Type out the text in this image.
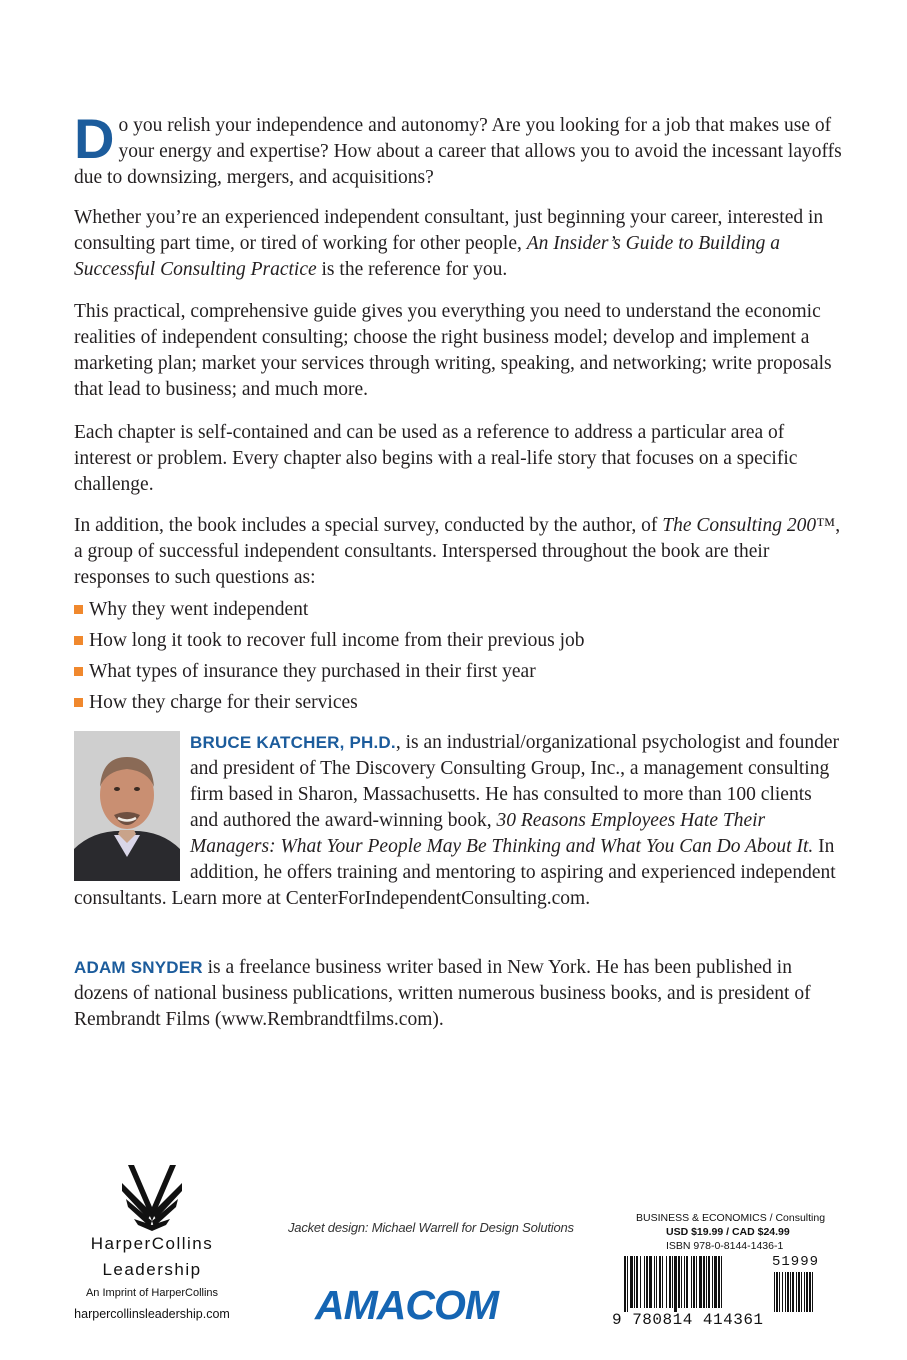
Do you relish your independence and autonomy? Are you looking for a job that makes use of your energy and expertise? How about a career that allows you to avoid the incessant layoffs due to downsizing, mergers, and acquisitions?
Whether you’re an experienced independent consultant, just beginning your career, interested in consulting part time, or tired of working for other people, An Insider’s Guide to Building a Successful Consulting Practice is the reference for you.
This practical, comprehensive guide gives you everything you need to understand the economic realities of independent consulting; choose the right business model; develop and implement a marketing plan; market your services through writing, speaking, and networking; write proposals that lead to business; and much more.
Each chapter is self-contained and can be used as a reference to address a particular area of interest or problem. Every chapter also begins with a real-life story that focuses on a specific challenge.
In addition, the book includes a special survey, conducted by the author, of The Consulting 200™, a group of successful independent consultants. Interspersed throughout the book are their responses to such questions as:
Why they went independent
How long it took to recover full income from their previous job
What types of insurance they purchased in their first year
How they charge for their services
BRUCE KATCHER, PH.D., is an industrial/organizational psychologist and founder and president of The Discovery Consulting Group, Inc., a management consulting firm based in Sharon, Massachusetts. He has consulted to more than 100 clients and authored the award-winning book, 30 Reasons Employees Hate Their Managers: What Your People May Be Thinking and What You Can Do About It. In addition, he offers training and mentoring to aspiring and experienced independent consultants. Learn more at CenterForIndependentConsulting.com.
ADAM SNYDER is a freelance business writer based in New York. He has been published in dozens of national business publications, written numerous business books, and is president of Rembrandt Films (www.Rembrandtfilms.com).
HarperCollins
Leadership
An Imprint of HarperCollins
harpercollinsleadership.com
Jacket design: Michael Warrell for Design Solutions
AMACOM
BUSINESS & ECONOMICS / Consulting
USD $19.99 / CAD $24.99
ISBN 978-0-8144-1436-1
51999
9 780814 414361
